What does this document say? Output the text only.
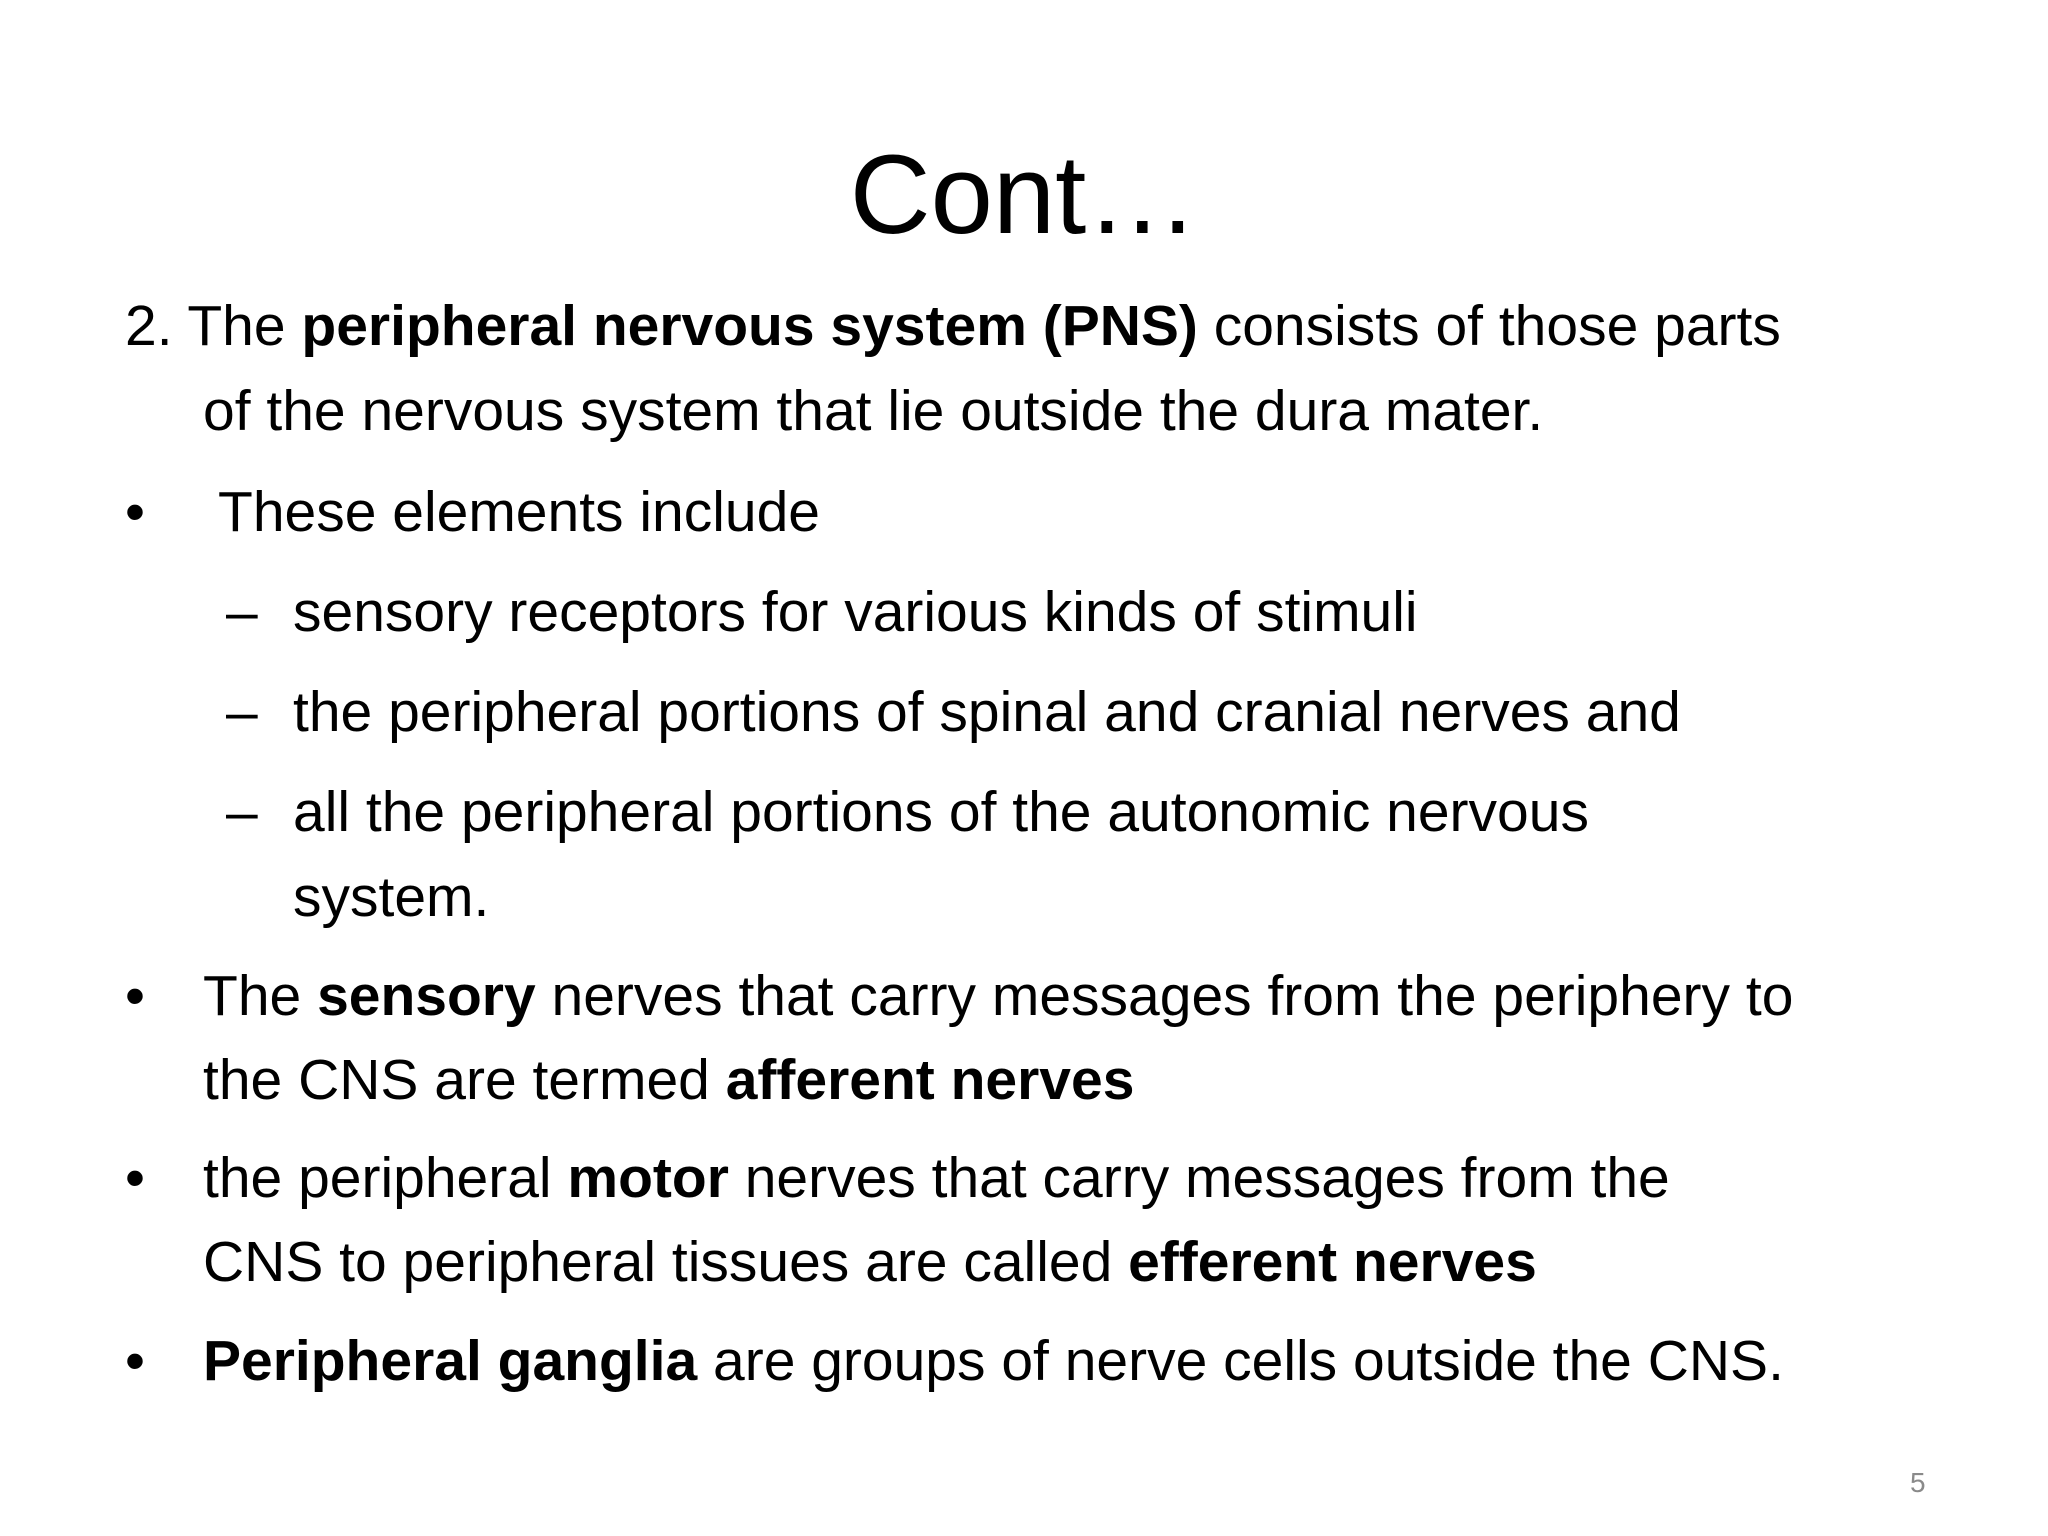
Cont…
2. The peripheral nervous system (PNS) consists of those parts
of the nervous system that lie outside the dura mater.
• These elements include
– sensory receptors for various kinds of stimuli
– the peripheral portions of spinal and cranial nerves and
– all the peripheral portions of the autonomic nervous
system.
• The sensory nerves that carry messages from the periphery to
the CNS are termed afferent nerves
• the peripheral motor nerves that carry messages from the
CNS to peripheral tissues are called efferent nerves
• Peripheral ganglia are groups of nerve cells outside the CNS.
5
